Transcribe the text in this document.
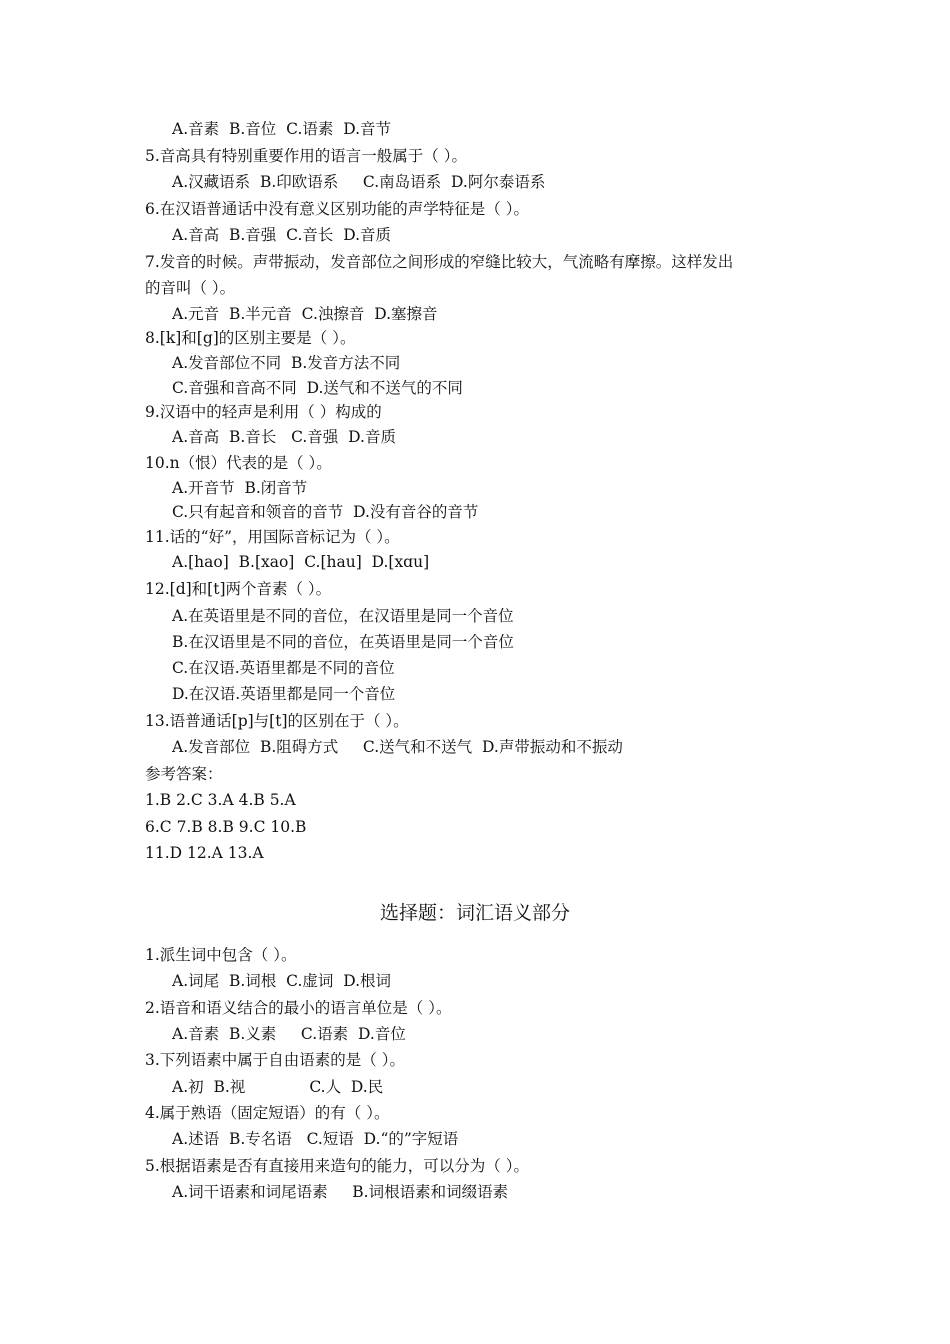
A.音素  B.音位  C.语素  D.音节
5.音高具有特别重要作用的语言一般属于（ ）。
A.汉藏语系  B.印欧语系     C.南岛语系  D.阿尔泰语系
6.在汉语普通话中没有意义区别功能的声学特征是（ ）。
A.音高  B.音强  C.音长  D.音质
7.发音的时候。声带振动，发音部位之间形成的窄缝比较大，气流略有摩擦。这样发出
的音叫（ ）。
A.元音  B.半元音  C.浊擦音  D.塞擦音
8.[k]和[g]的区别主要是（ ）。
A.发音部位不同  B.发音方法不同
C.音强和音高不同  D.送气和不送气的不同
9.汉语中的轻声是利用（ ）构成的
A.音高  B.音长   C.音强  D.音质
10.n（恨）代表的是（ ）。
A.开音节  B.闭音节
C.只有起音和领音的音节  D.没有音谷的音节
11.话的“好”，用国际音标记为（ ）。
A.[hao]  B.[xao]  C.[hau]  D.[xɑu]
12.[d]和[t]两个音素（ ）。
A.在英语里是不同的音位，在汉语里是同一个音位
B.在汉语里是不同的音位，在英语里是同一个音位
C.在汉语.英语里都是不同的音位
D.在汉语.英语里都是同一个音位
13.语普通话[p]与[t]的区别在于（ ）。
A.发音部位  B.阻碍方式     C.送气和不送气  D.声带振动和不振动
参考答案：
1.B 2.C 3.A 4.B 5.A
6.C 7.B 8.B 9.C 10.B
11.D 12.A 13.A
选择题：词汇语义部分
1.派生词中包含（ ）。
A.词尾  B.词根  C.虚词  D.根词
2.语音和语义结合的最小的语言单位是（ ）。
A.音素  B.义素     C.语素  D.音位
3.下列语素中属于自由语素的是（ ）。
A.初  B.视             C.人  D.民
4.属于熟语（固定短语）的有（ ）。
A.述语  B.专名语   C.短语  D.“的”字短语
5.根据语素是否有直接用来造句的能力，可以分为（ ）。
A.词干语素和词尾语素     B.词根语素和词缀语素
